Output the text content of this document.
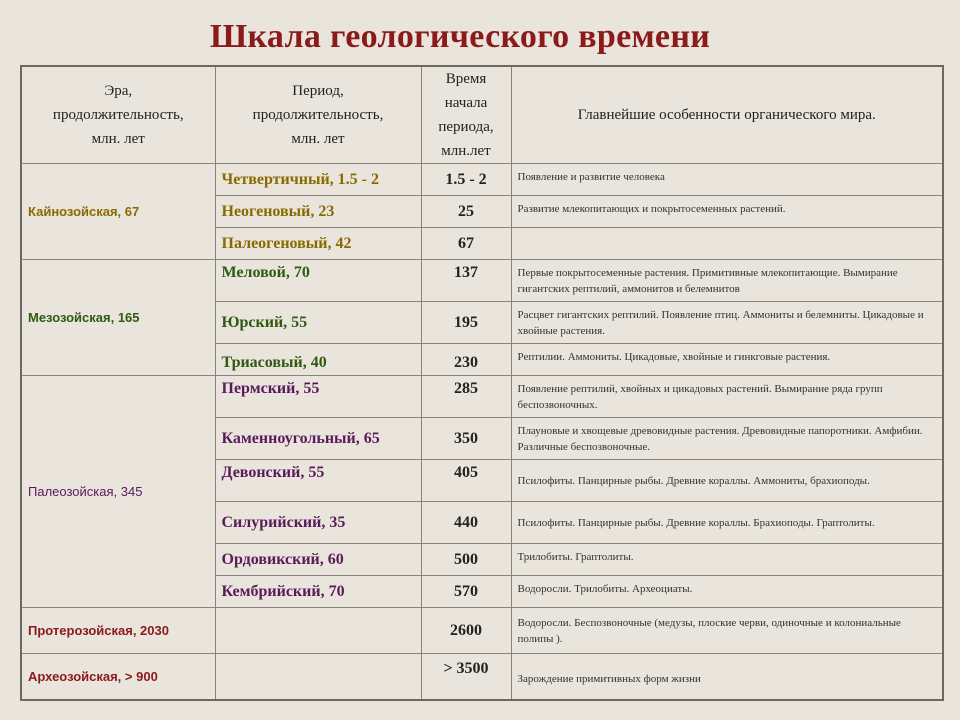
Шкала геологического времени
Эра,
продолжительность,
млн. лет	Период,
продолжительность,
млн. лет	Время
начала
периода,
млн.лет	Главнейшие особенности органического мира.
Кайнозойская, 67	Четвертичный, 1.5 - 2	1.5 - 2	Появление и развитие человека
	Неогеновый, 23	25	Развитие млекопитающих и покрытосеменных растений.
	Палеогеновый, 42	67	
Мезозойская, 165	Меловой, 70	137	Первые покрытосеменные растения. Примитивные млекопитающие. Вымирание гигантских рептилий, аммонитов и белемнитов
	Юрский, 55	195	Расцвет гигантских рептилий. Появление птиц. Аммониты и белемниты. Цикадовые и хвойные растения.
	Триасовый, 40	230	Рептилии. Аммониты. Цикадовые, хвойные и гинкговые растения.
Палеозойская, 345	Пермский, 55	285	Появление рептилий, хвойных и цикадовых растений. Вымирание ряда групп беспозвоночных.
	Каменноугольный, 65	350	Плауновые и хвощевые древовидные растения. Древовидные папоротники. Амфибии. Различные беспозвоночные.
	Девонский, 55	405	Псилофиты. Панцирные рыбы. Древние кораллы. Аммониты, брахиоподы.
	Силурийский, 35	440	Псилофиты. Панцирные рыбы. Древние кораллы. Брахиоподы. Граптолиты.
	Ордовикский, 60	500	Трилобиты. Граптолиты.
	Кембрийский, 70	570	Водоросли. Трилобиты. Археоциаты.
Протерозойская, 2030		2600	Водоросли. Беспозвоночные (медузы, плоские черви, одиночные и колониальные полипы ).
Археозойская, > 900		> 3500	Зарождение примитивных форм жизни
